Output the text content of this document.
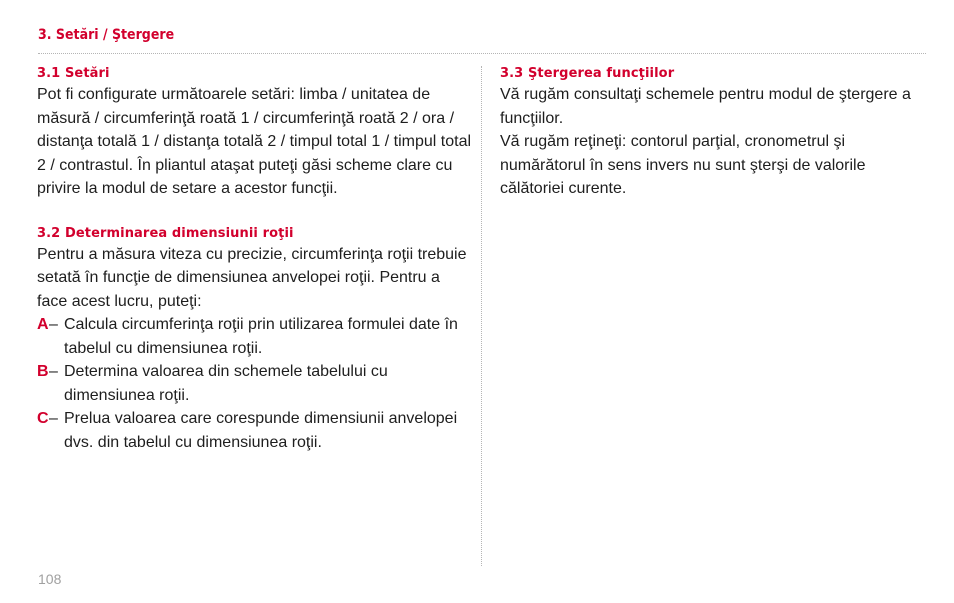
3. Setări / Ştergere
3.1 Setări

Pot fi configurate următoarele setări: limba / unitatea de măsură / circumferinţă roată 1 / circumferinţă roată 2 / ora / distanţa totală 1 / distanţa totală 2 / timpul total 1 / timpul total 2 / contrastul. În pliantul ataşat puteţi găsi scheme clare cu privire la modul de setare a acestor funcţii.

3.2 Determinarea dimensiunii roţii

Pentru a măsura viteza cu precizie, circumferinţa roţii trebuie setată în funcţie de dimensiunea anvelopei roţii. Pentru a face acest lucru, puteţi:

A – Calcula circumferinţa roţii prin utilizarea formulei date în tabelul cu dimensiunea roţii.
B – Determina valoarea din schemele tabelului cu dimensiunea roţii.
C – Prelua valoarea care corespunde dimensiunii anvelopei dvs. din tabelul cu dimensiunea roţii.
3.3 Ştergerea funcţiilor

Vă rugăm consultaţi schemele pentru modul de ştergere a funcţiilor.

Vă rugăm reţineţi: contorul parţial, cronometrul şi numărătorul în sens invers nu sunt şterşi de valorile călătoriei curente.

108
